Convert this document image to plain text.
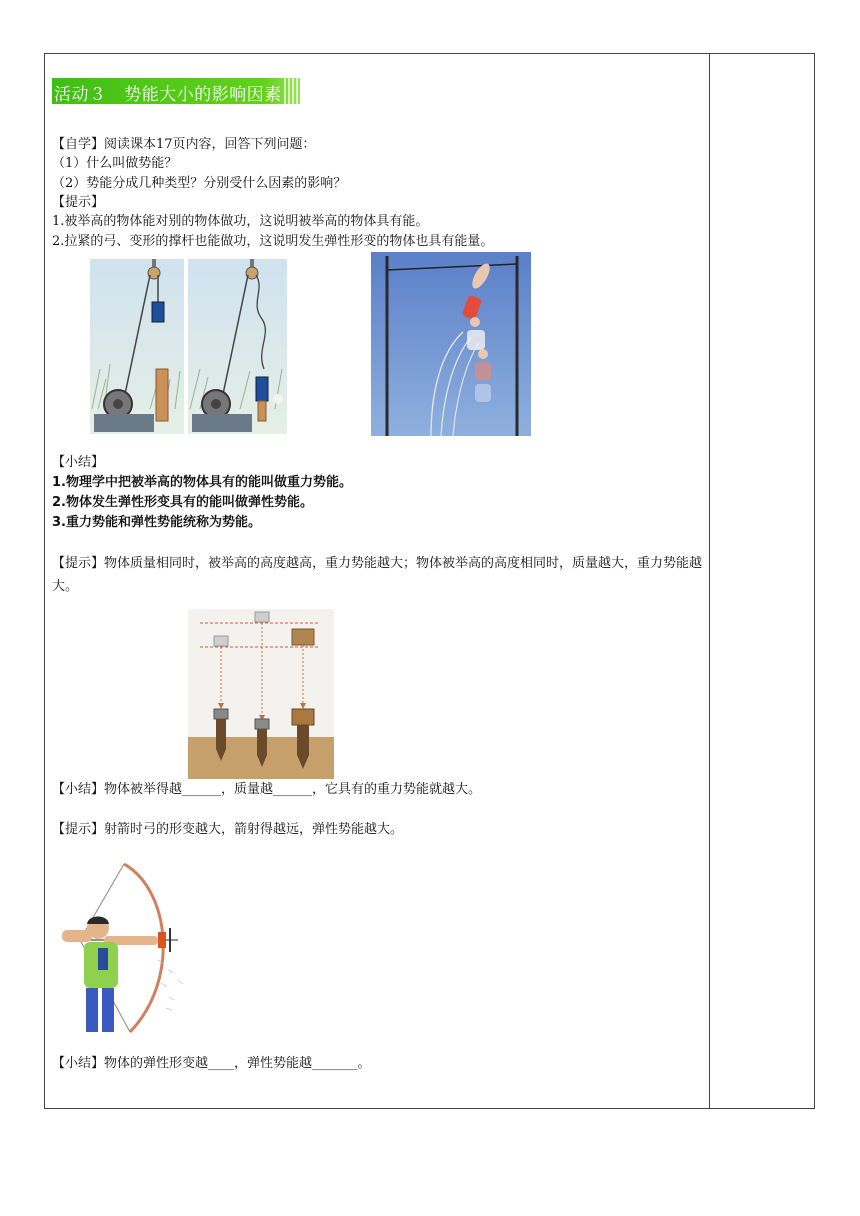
活动３   势能大小的影响因素
【自学】阅读课本17页内容，回答下列问题：
（1）什么叫做势能？
（2）势能分成几种类型？分别受什么因素的影响？
【提示】
1.被举高的物体能对别的物体做功，这说明被举高的物体具有能。
2.拉紧的弓、变形的撑杆也能做功，这说明发生弹性形变的物体也具有能量。
【小结】
1.物理学中把被举高的物体具有的能叫做重力势能。
2.物体发生弹性形变具有的能叫做弹性势能。
3.重力势能和弹性势能统称为势能。
【提示】物体质量相同时，被举高的高度越高，重力势能越大；物体被举高的高度相同时，质量越大，重力势能越大。
【小结】物体被举得越______，质量越______，它具有的重力势能就越大。
【提示】射箭时弓的形变越大，箭射得越远，弹性势能越大。
【小结】物体的弹性形变越____，弹性势能越_______。
